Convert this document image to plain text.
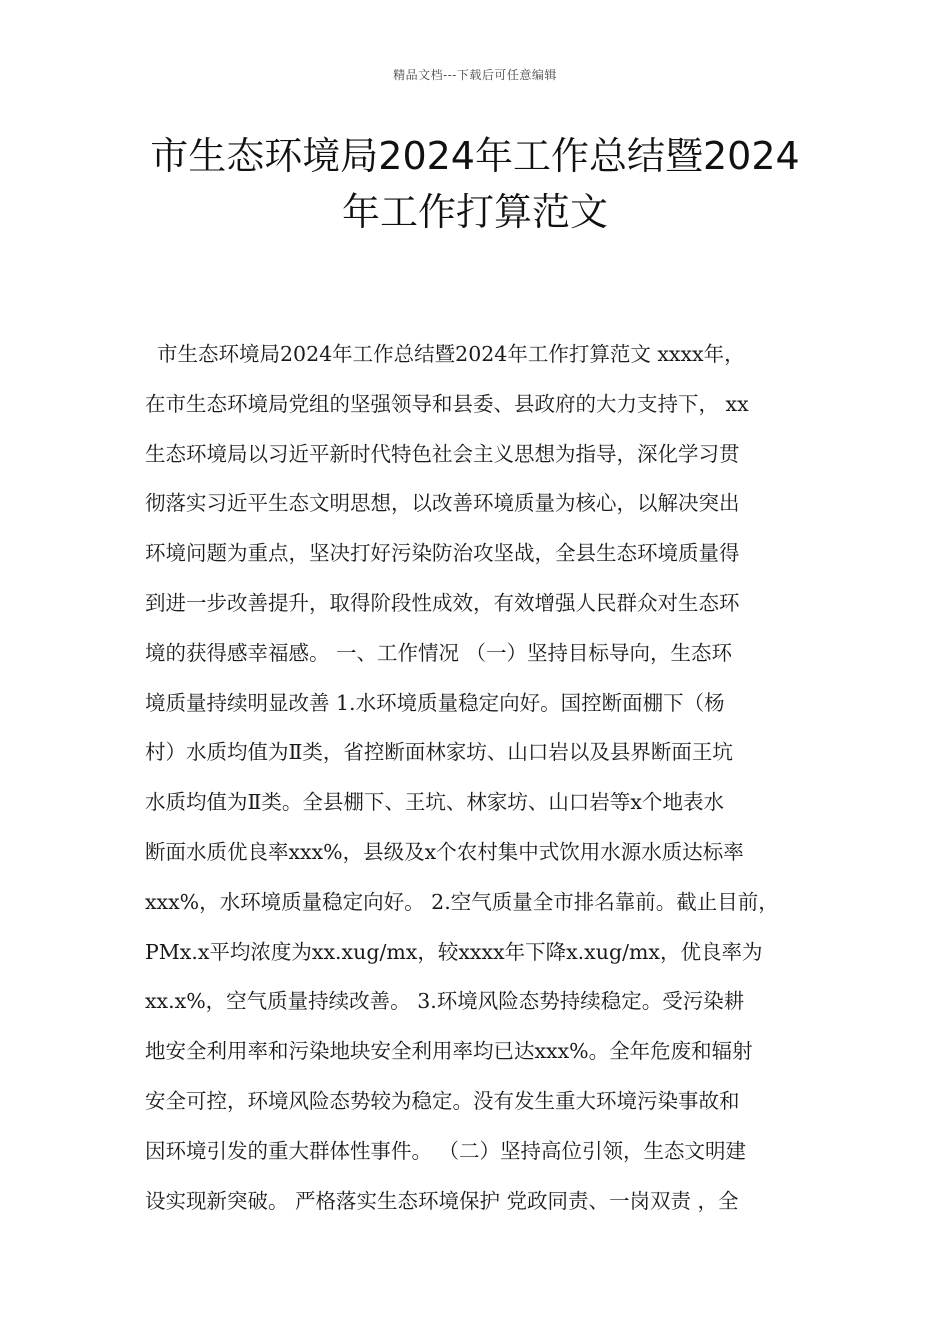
精品文档---下载后可任意编辑
市生态环境局2024年工作总结暨2024
年工作打算范文
市生态环境局2024年工作总结暨2024年工作打算范文 xxxx年，
在市生态环境局党组的坚强领导和县委、县政府的大力支持下， xx
生态环境局以习近平新时代特色社会主义思想为指导，深化学习贯
彻落实习近平生态文明思想，以改善环境质量为核心，以解决突出
环境问题为重点，坚决打好污染防治攻坚战，全县生态环境质量得
到进一步改善提升，取得阶段性成效，有效增强人民群众对生态环
境的获得感幸福感。 一、工作情况 （一）坚持目标导向，生态环
境质量持续明显改善 1.水环境质量稳定向好。国控断面棚下（杨
村）水质均值为Ⅱ类，省控断面林家坊、山口岩以及县界断面王坑
水质均值为Ⅱ类。全县棚下、王坑、林家坊、山口岩等x个地表水
断面水质优良率xxx%，县级及x个农村集中式饮用水源水质达标率
xxx%，水环境质量稳定向好。 2.空气质量全市排名靠前。截止目前，
PMx.x平均浓度为xx.xug/mx，较xxxx年下降x.xug/mx，优良率为
xx.x%，空气质量持续改善。 3.环境风险态势持续稳定。受污染耕
地安全利用率和污染地块安全利用率均已达xxx%。全年危废和辐射
安全可控，环境风险态势较为稳定。没有发生重大环境污染事故和
因环境引发的重大群体性事件。 （二）坚持高位引领，生态文明建
设实现新突破。 严格落实生态环境保护 党政同责、一岗双责 ，全
